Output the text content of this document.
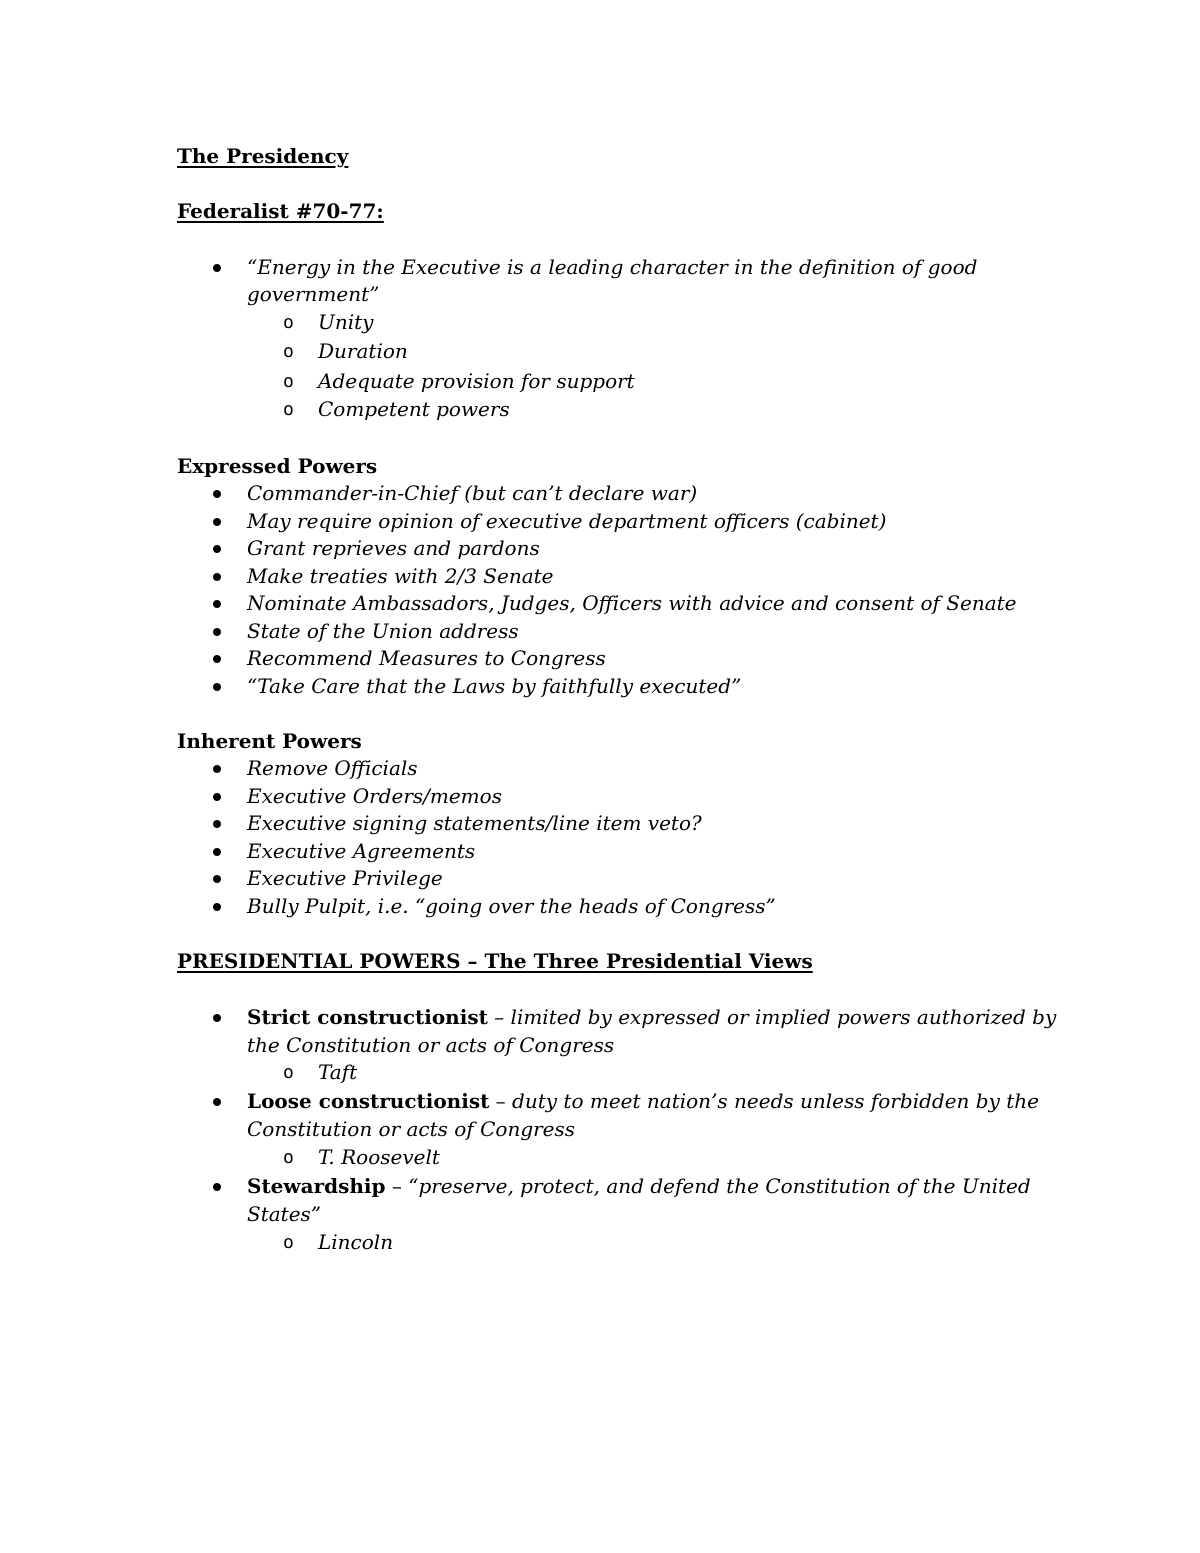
The Presidency
Federalist #70-77:
“Energy in the Executive is a leading character in the definition of good
government”
o Unity
o Duration
o Adequate provision for support
o Competent powers
Expressed Powers
Commander-in-Chief (but can’t declare war)
May require opinion of executive department officers (cabinet)
Grant reprieves and pardons
Make treaties with 2/3 Senate
Nominate Ambassadors, Judges, Officers with advice and consent of Senate
State of the Union address
Recommend Measures to Congress
“Take Care that the Laws by faithfully executed”
Inherent Powers
Remove Officials
Executive Orders/memos
Executive signing statements/line item veto?
Executive Agreements
Executive Privilege
Bully Pulpit, i.e. “going over the heads of Congress”
PRESIDENTIAL POWERS – The Three Presidential Views
Strict constructionist – limited by expressed or implied powers authorized by
the Constitution or acts of Congress
o Taft
Loose constructionist – duty to meet nation’s needs unless forbidden by the
Constitution or acts of Congress
o T. Roosevelt
Stewardship – “preserve, protect, and defend the Constitution of the United
States”
o Lincoln
